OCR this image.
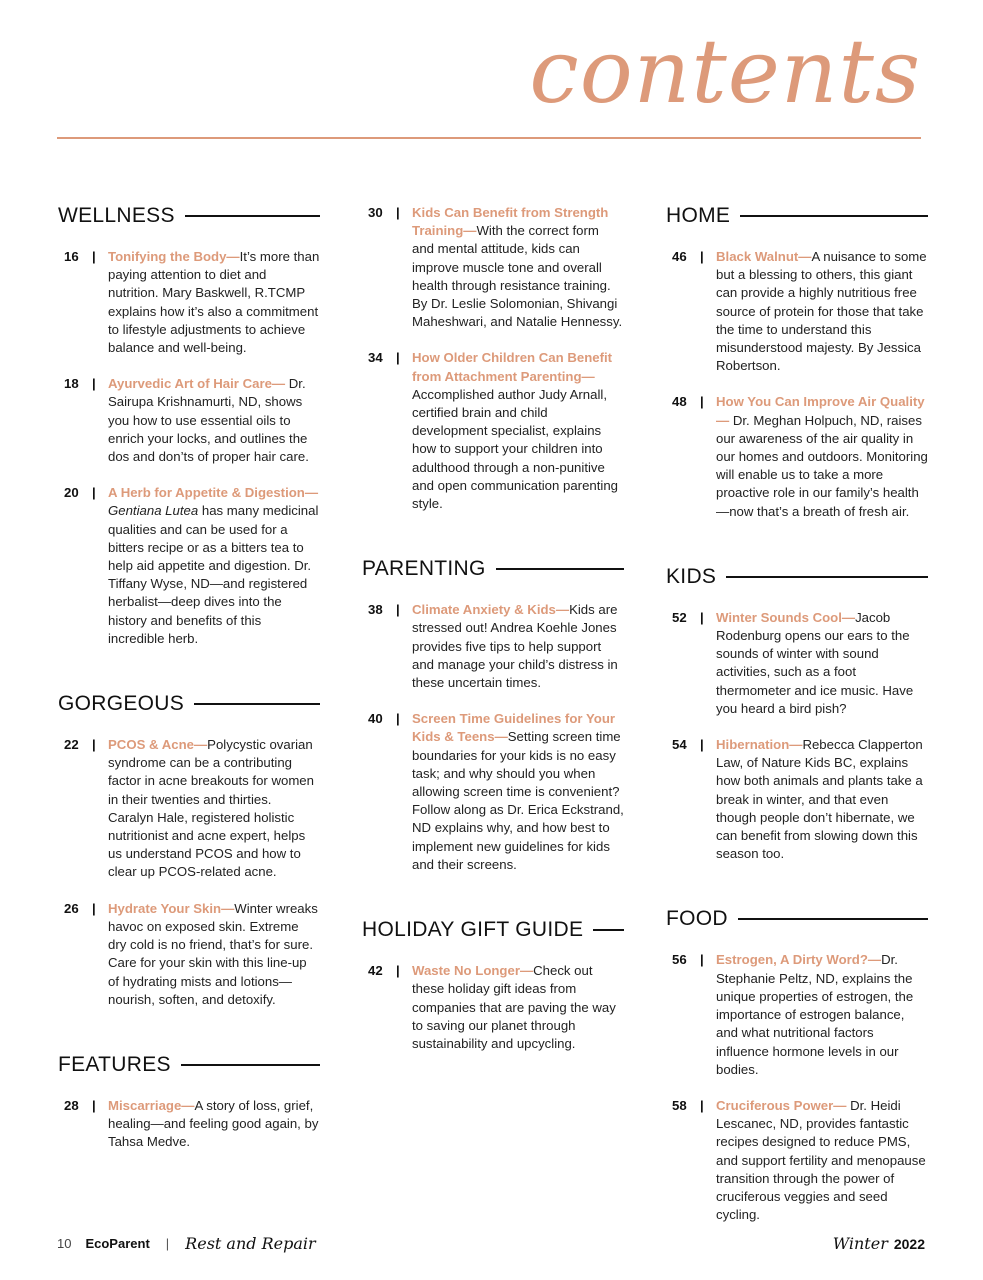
contents
WELLNESS
16 | Tonifying the Body—It’s more than paying attention to diet and nutrition. Mary Baskwell, R.TCMP explains how it’s also a commitment to lifestyle adjustments to achieve balance and well-being.
18 | Ayurvedic Art of Hair Care— Dr. Sairupa Krishnamurti, ND, shows you how to use essential oils to enrich your locks, and outlines the dos and don’ts of proper hair care.
20 | A Herb for Appetite & Digestion— Gentiana Lutea has many medicinal qualities and can be used for a bitters recipe or as a bitters tea to help aid appetite and digestion. Dr. Tiffany Wyse, ND—and registered herbalist—deep dives into the history and benefits of this incredible herb.
GORGEOUS
22 | PCOS & Acne—Polycystic ovarian syndrome can be a contributing factor in acne breakouts for women in their twenties and thirties. Caralyn Hale, registered holistic nutritionist and acne expert, helps us understand PCOS and how to clear up PCOS-related acne.
26 | Hydrate Your Skin—Winter wreaks havoc on exposed skin. Extreme dry cold is no friend, that’s for sure. Care for your skin with this line-up of hydrating mists and lotions—nourish, soften, and detoxify.
FEATURES
28 | Miscarriage—A story of loss, grief, healing—and feeling good again, by Tahsa Medve.
30 | Kids Can Benefit from Strength Training—With the correct form and mental attitude, kids can improve muscle tone and overall health through resistance training. By Dr. Leslie Solomonian, Shivangi Maheshwari, and Natalie Hennessy.
34 | How Older Children Can Benefit from Attachment Parenting— Accomplished author Judy Arnall, certified brain and child development specialist, explains how to support your children into adulthood through a non-punitive and open communication parenting style.
PARENTING
38 | Climate Anxiety & Kids—Kids are stressed out! Andrea Koehle Jones provides five tips to help support and manage your child’s distress in these uncertain times.
40 | Screen Time Guidelines for Your Kids & Teens—Setting screen time boundaries for your kids is no easy task; and why should you when allowing screen time is convenient? Follow along as Dr. Erica Eckstrand, ND explains why, and how best to implement new guidelines for kids and their screens.
HOLIDAY GIFT GUIDE
42 | Waste No Longer—Check out these holiday gift ideas from companies that are paving the way to saving our planet through sustainability and upcycling.
HOME
46 | Black Walnut—A nuisance to some but a blessing to others, this giant can provide a highly nutritious free source of protein for those that take the time to understand this misunderstood majesty. By Jessica Robertson.
48 | How You Can Improve Air Quality— Dr. Meghan Holpuch, ND, raises our awareness of the air quality in our homes and outdoors. Monitoring will enable us to take a more proactive role in our family’s health—now that’s a breath of fresh air.
KIDS
52 | Winter Sounds Cool—Jacob Rodenburg opens our ears to the sounds of winter with sound activities, such as a foot thermometer and ice music. Have you heard a bird pish?
54 | Hibernation—Rebecca Clapperton Law, of Nature Kids BC, explains how both animals and plants take a break in winter, and that even though people don’t hibernate, we can benefit from slowing down this season too.
FOOD
56 | Estrogen, A Dirty Word?—Dr. Stephanie Peltz, ND, explains the unique properties of estrogen, the importance of estrogen balance, and what nutritional factors influence hormone levels in our bodies.
58 | Cruciferous Power— Dr. Heidi Lescanec, ND, provides fantastic recipes designed to reduce PMS, and support fertility and menopause transition through the power of cruciferous veggies and seed cycling.
10 EcoParent | Rest and Repair	Winter 2022
